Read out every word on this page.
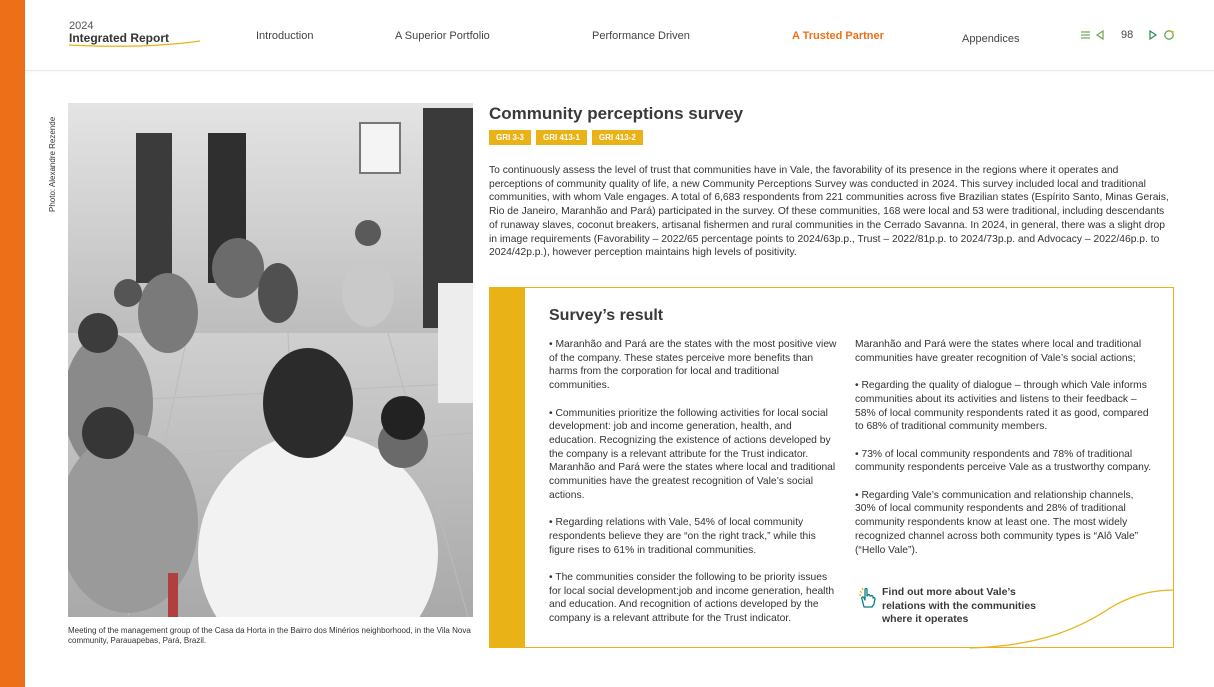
2024
Integrated Report	Introduction	A Superior Portfolio	Performance Driven	A Trusted Partner	Appendices	98
Photo: Alexandre Rezende
Meeting of the management group of the Casa da Horta in the Bairro dos Minérios neighborhood, in the Vila Nova community, Parauapebas, Pará, Brazil.
Community perceptions survey
GRI 3-3	GRI 413-1	GRI 413-2

To continuously assess the level of trust that communities have in Vale, the favorability of its presence in the regions where it operates and perceptions of community quality of life, a new Community Perceptions Survey was conducted in 2024. This survey included local and traditional communities, with whom Vale engages. A total of 6,683 respondents from 221 communities across five Brazilian states (Espírito Santo, Minas Gerais, Rio de Janeiro, Maranhão and Pará) participated in the survey. Of these communities, 168 were local and 53 were traditional, including descendants of runaway slaves, coconut breakers, artisanal fishermen and rural communities in the Cerrado Savanna. In 2024, in general, there was a slight drop in image requirements (Favorability – 2022/65 percentage points to 2024/63p.p., Trust – 2022/81p.p. to 2024/73p.p. and Advocacy – 2022/46p.p. to 2024/42p.p.), however perception maintains high levels of positivity.

Survey’s result

• Maranhão and Pará are the states with the most positive view of the company. These states perceive more benefits than harms from the corporation for local and traditional communities.

• Communities prioritize the following activities for local social development: job and income generation, health, and education. Recognizing the existence of actions developed by the company is a relevant attribute for the Trust indicator. Maranhão and Pará were the states where local and traditional communities have the greatest recognition of Vale’s social actions.

• Regarding relations with Vale, 54% of local community respondents believe they are “on the right track,” while this figure rises to 61% in traditional communities.

• The communities consider the following to be priority issues for local social development:job and income generation, health and education. And recognition of actions developed by the company is a relevant attribute for the Trust indicator.

Maranhão and Pará were the states where local and traditional communities have greater recognition of Vale’s social actions;

• Regarding the quality of dialogue – through which Vale informs communities about its activities and listens to their feedback – 58% of local community respondents rated it as good, compared to 68% of traditional community members.

• 73% of local community respondents and 78% of traditional community respondents perceive Vale as a trustworthy company.

• Regarding Vale’s communication and relationship channels, 30% of local community respondents and 28% of traditional community respondents know at least one. The most widely recognized channel across both community types is “Alô Vale” (“Hello Vale”).

Find out more about Vale’s relations with the communities where it operates
